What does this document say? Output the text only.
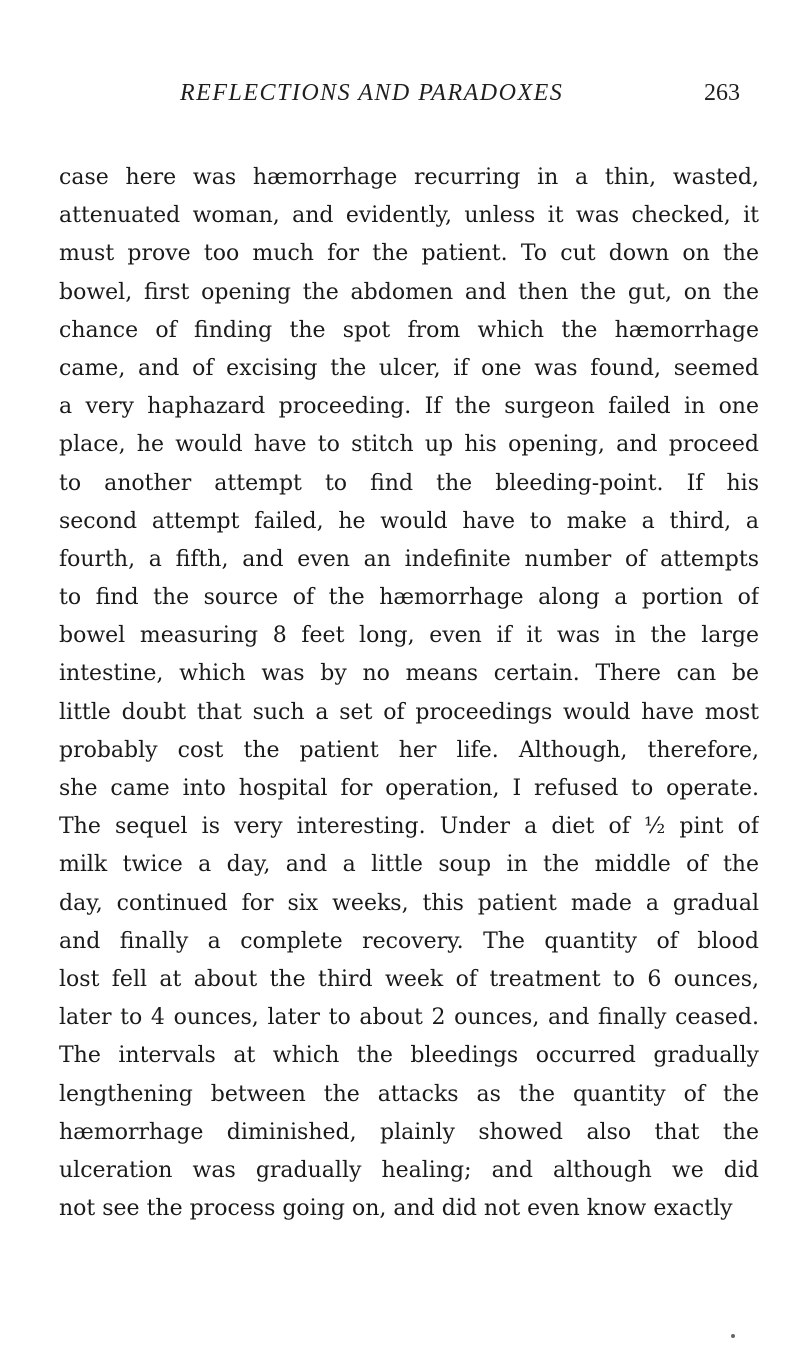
REFLECTIONS AND PARADOXES	263
case here was hæmorrhage recurring in a thin, wasted,
attenuated woman, and evidently, unless it was checked, it
must prove too much for the patient. To cut down on the
bowel, first opening the abdomen and then the gut, on the
chance of finding the spot from which the hæmorrhage
came, and of excising the ulcer, if one was found, seemed
a very haphazard proceeding. If the surgeon failed in one
place, he would have to stitch up his opening, and proceed
to another attempt to find the bleeding-point. If his
second attempt failed, he would have to make a third, a
fourth, a fifth, and even an indefinite number of attempts
to find the source of the hæmorrhage along a portion of
bowel measuring 8 feet long, even if it was in the large
intestine, which was by no means certain. There can be
little doubt that such a set of proceedings would have most
probably cost the patient her life. Although, therefore,
she came into hospital for operation, I refused to operate.
The sequel is very interesting. Under a diet of ½ pint of
milk twice a day, and a little soup in the middle of the
day, continued for six weeks, this patient made a gradual
and finally a complete recovery. The quantity of blood
lost fell at about the third week of treatment to 6 ounces,
later to 4 ounces, later to about 2 ounces, and finally ceased.
The intervals at which the bleedings occurred gradually
lengthening between the attacks as the quantity of the
hæmorrhage diminished, plainly showed also that the
ulceration was gradually healing; and although we did
not see the process going on, and did not even know exactly
